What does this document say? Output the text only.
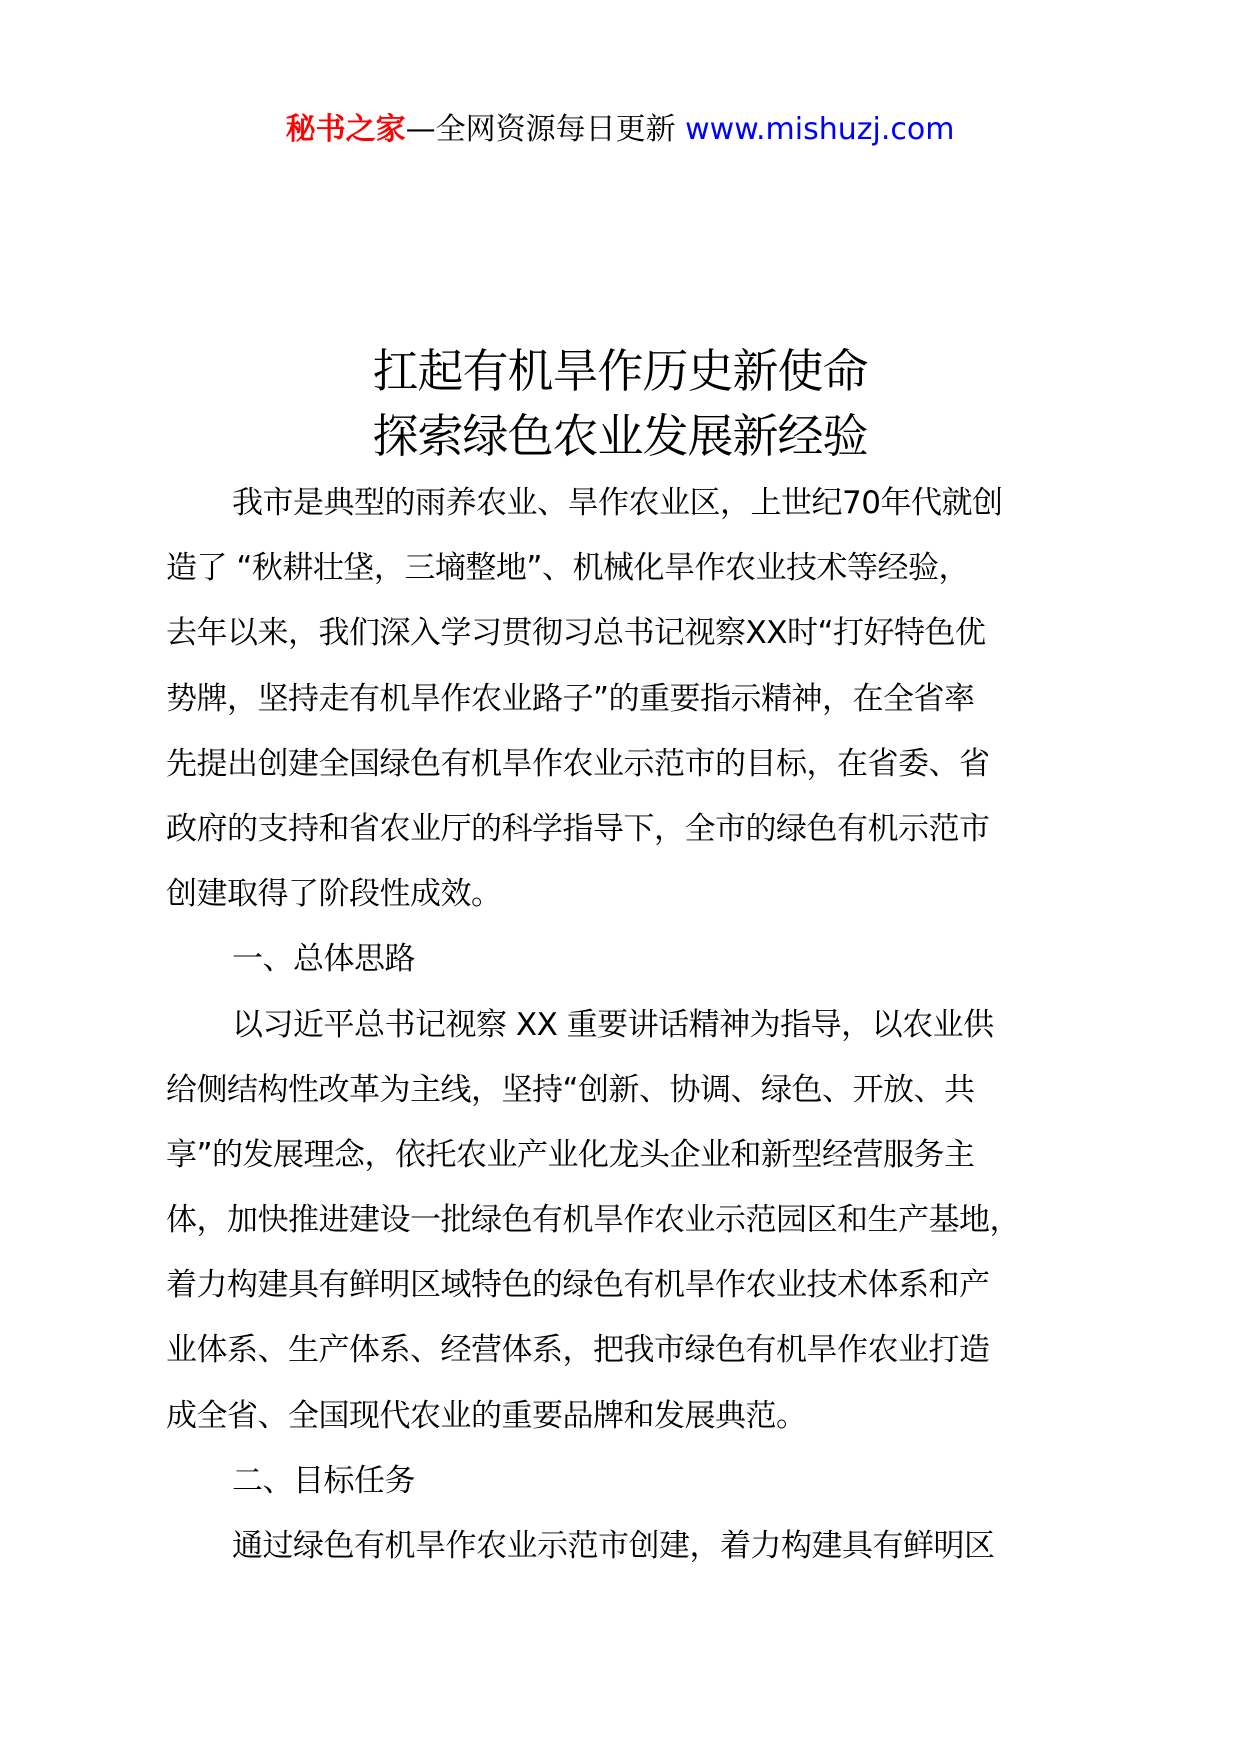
秘书之家—全网资源每日更新 www.mishuzj.com
扛起有机旱作历史新使命
探索绿色农业发展新经验
我市是典型的雨养农业、旱作农业区，上世纪70年代就创
造了 “秋耕壮垡，三墒整地”、机械化旱作农业技术等经验，
去年以来，我们深入学习贯彻习总书记视察XX时“打好特色优
势牌，坚持走有机旱作农业路子”的重要指示精神，在全省率
先提出创建全国绿色有机旱作农业示范市的目标，在省委、省
政府的支持和省农业厅的科学指导下，全市的绿色有机示范市
创建取得了阶段性成效。
一、总体思路
以习近平总书记视察 XX 重要讲话精神为指导，以农业供
给侧结构性改革为主线，坚持“创新、协调、绿色、开放、共
享”的发展理念，依托农业产业化龙头企业和新型经营服务主
体，加快推进建设一批绿色有机旱作农业示范园区和生产基地，
着力构建具有鲜明区域特色的绿色有机旱作农业技术体系和产
业体系、生产体系、经营体系，把我市绿色有机旱作农业打造
成全省、全国现代农业的重要品牌和发展典范。
二、目标任务
通过绿色有机旱作农业示范市创建，着力构建具有鲜明区
